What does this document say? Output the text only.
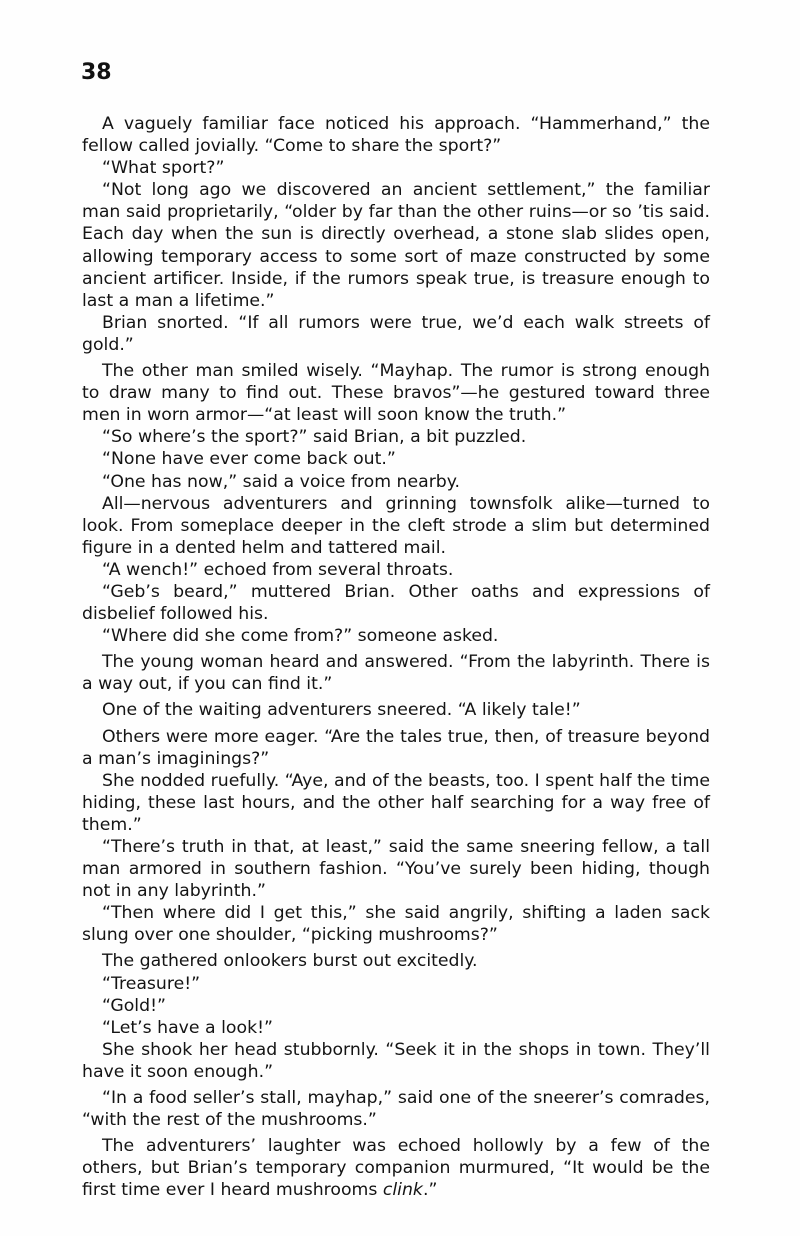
38

A vaguely familiar face noticed his approach. “Hammerhand,” the fellow called jovially. “Come to share the sport?”

“What sport?”

“Not long ago we discovered an ancient settlement,” the familiar man said proprietarily, “older by far than the other ruins—or so ’tis said. Each day when the sun is directly overhead, a stone slab slides open, allowing temporary access to some sort of maze constructed by some ancient artificer. Inside, if the rumors speak true, is treasure enough to last a man a lifetime.”

Brian snorted. “If all rumors were true, we’d each walk streets of gold.”

The other man smiled wisely. “Mayhap. The rumor is strong enough to draw many to find out. These bravos”—he gestured toward three men in worn armor—“at least will soon know the truth.”

“So where’s the sport?” said Brian, a bit puzzled.

“None have ever come back out.”

“One has now,” said a voice from nearby.

All—nervous adventurers and grinning townsfolk alike—turned to look. From someplace deeper in the cleft strode a slim but determined figure in a dented helm and tattered mail.

“A wench!” echoed from several throats.

“Geb’s beard,” muttered Brian. Other oaths and expressions of disbelief followed his.

“Where did she come from?” someone asked.

The young woman heard and answered. “From the labyrinth. There is a way out, if you can find it.”

One of the waiting adventurers sneered. “A likely tale!”

Others were more eager. “Are the tales true, then, of treasure beyond a man’s imaginings?”

She nodded ruefully. “Aye, and of the beasts, too. I spent half the time hiding, these last hours, and the other half searching for a way free of them.”

“There’s truth in that, at least,” said the same sneering fellow, a tall man armored in southern fashion. “You’ve surely been hiding, though not in any labyrinth.”

“Then where did I get this,” she said angrily, shifting a laden sack slung over one shoulder, “picking mushrooms?”

The gathered onlookers burst out excitedly.

“Treasure!”

“Gold!”

“Let’s have a look!”

She shook her head stubbornly. “Seek it in the shops in town. They’ll have it soon enough.”

“In a food seller’s stall, mayhap,” said one of the sneerer’s comrades, “with the rest of the mushrooms.”

The adventurers’ laughter was echoed hollowly by a few of the others, but Brian’s temporary companion murmured, “It would be the first time ever I heard mushrooms clink.”
